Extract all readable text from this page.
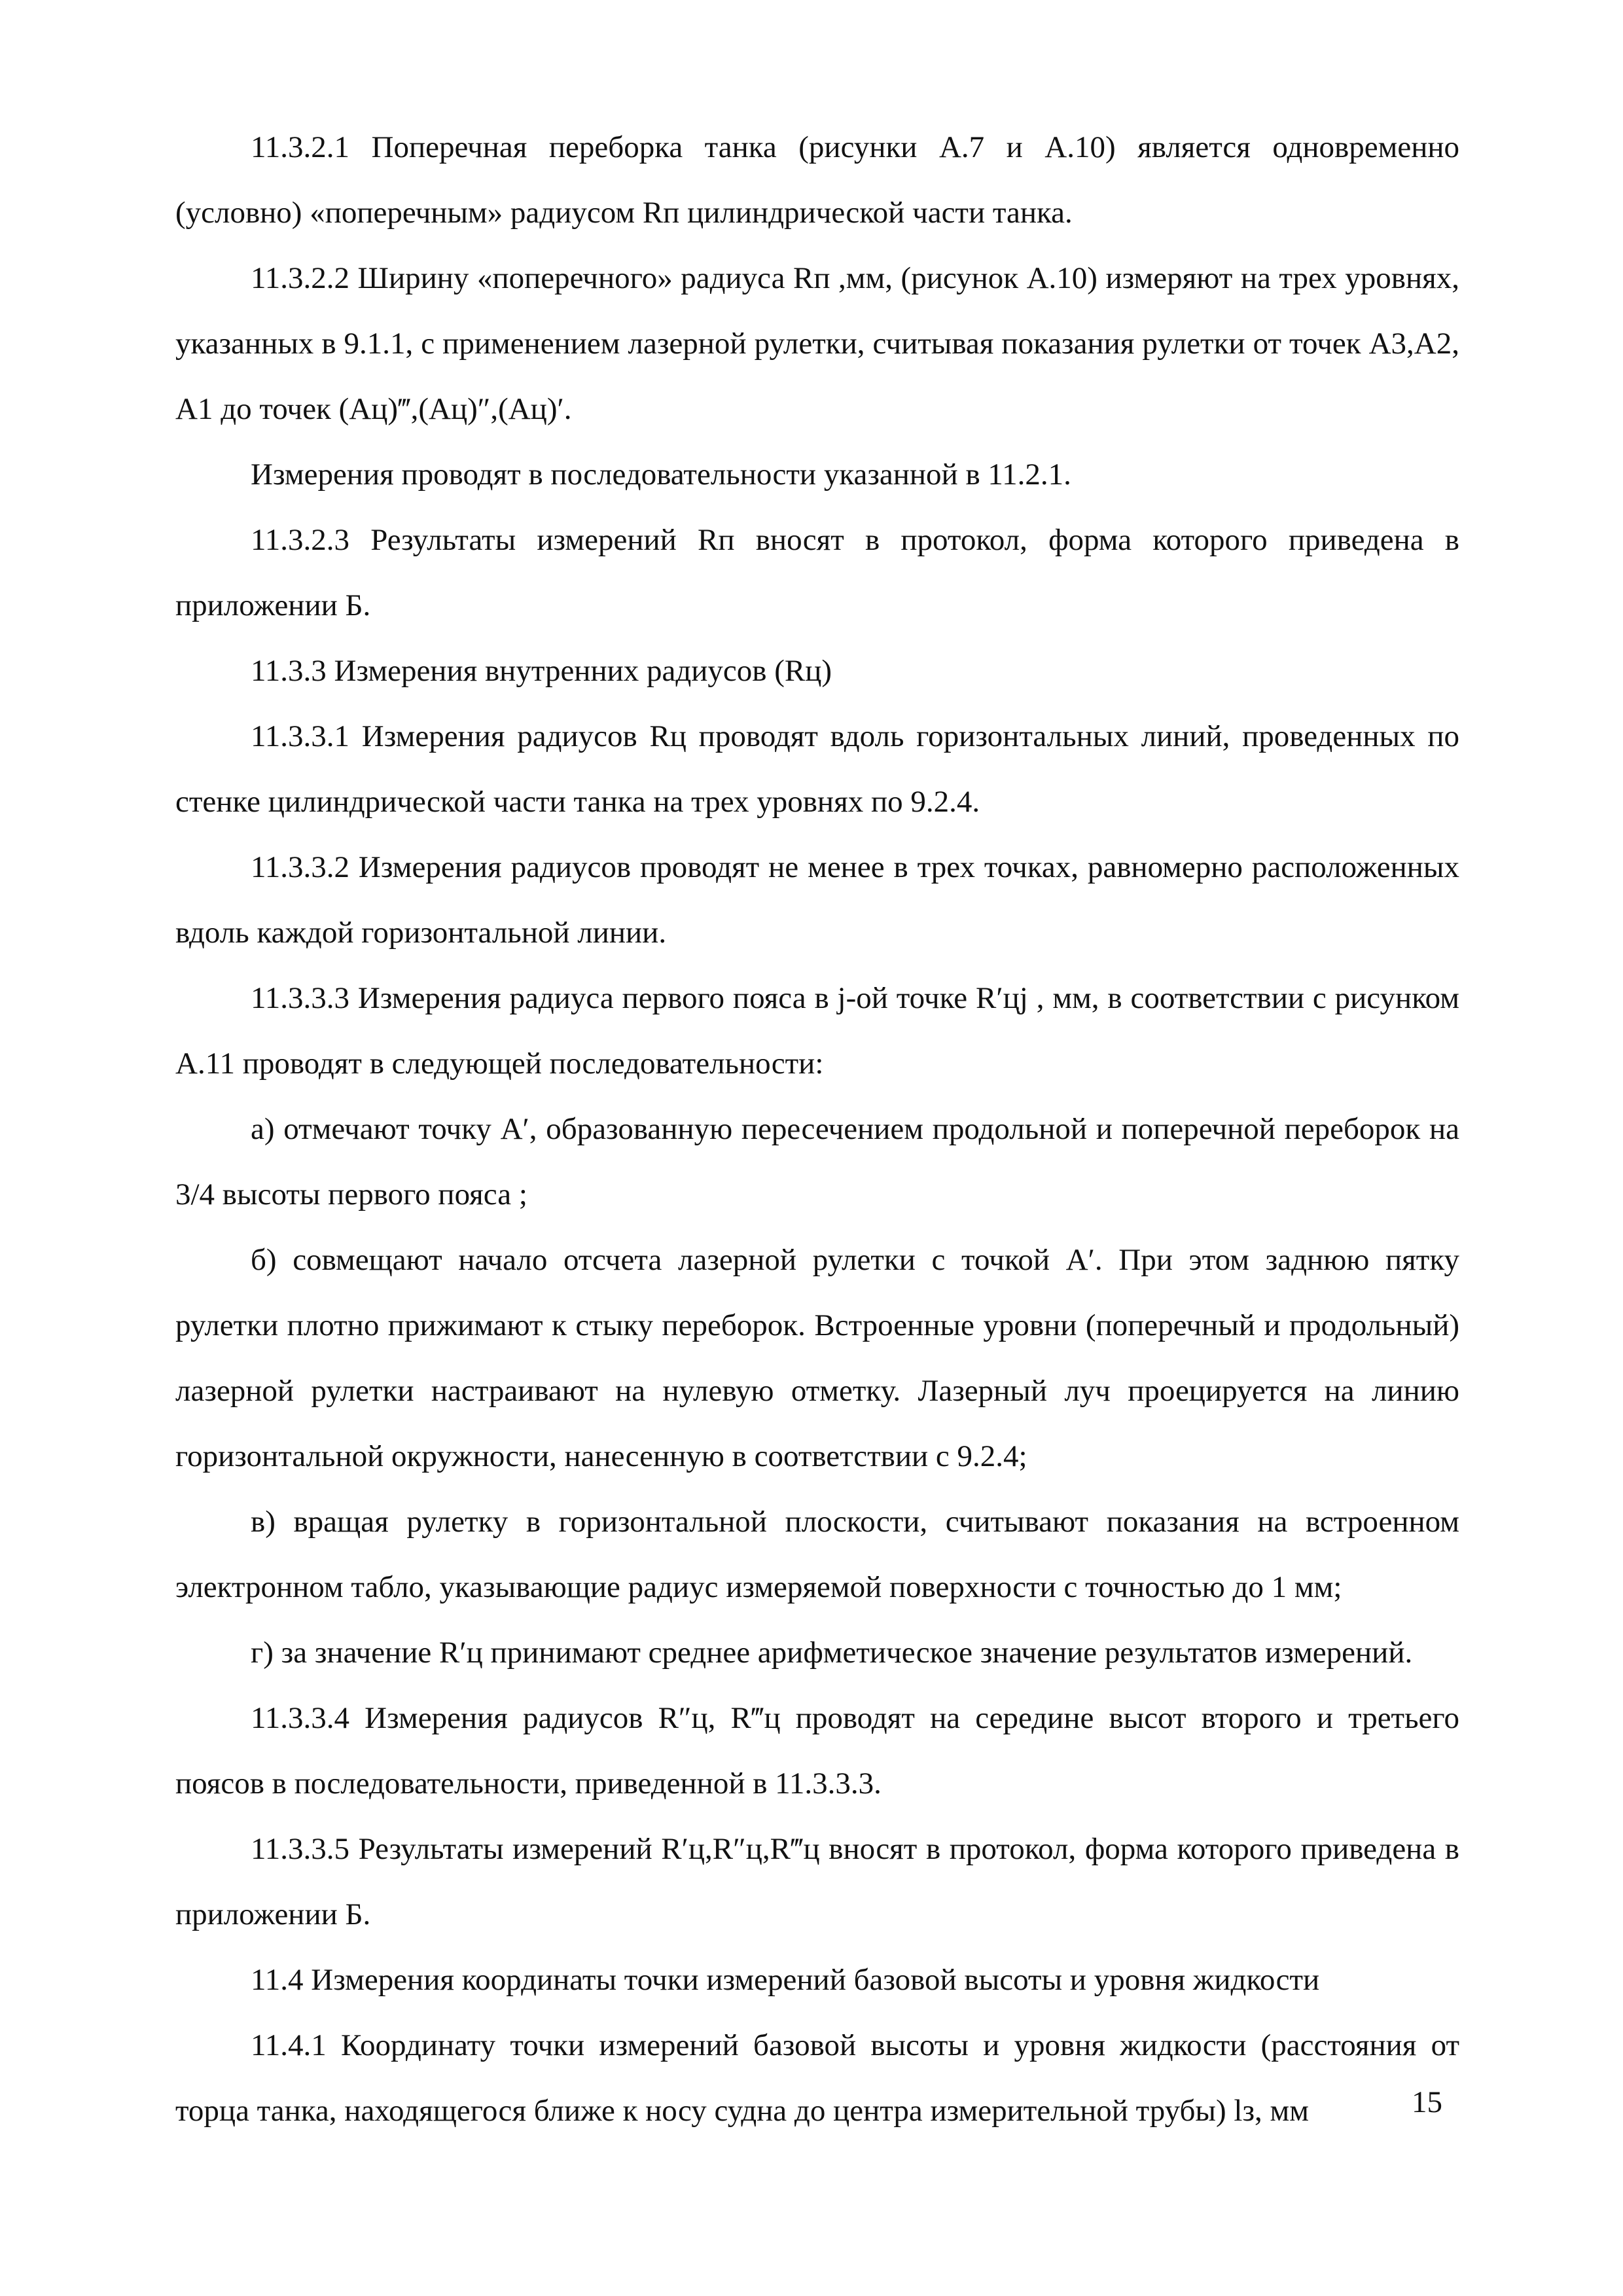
11.3.2.1 Поперечная переборка танка (рисунки А.7 и А.10) является одновременно (условно) «поперечным» радиусом Rп цилиндрической части танка.

11.3.2.2 Ширину «поперечного» радиуса Rп ,мм, (рисунок А.10) измеряют на трех уровнях, указанных в 9.1.1, с применением лазерной рулетки, считывая показания рулетки от точек A3,A2, A1 до точек (Aц)‴,(Aц)″,(Aц)′.

Измерения проводят в последовательности указанной в 11.2.1.

11.3.2.3 Результаты измерений Rп вносят в протокол, форма которого приведена в приложении Б.

11.3.3 Измерения внутренних радиусов (Rц)

11.3.3.1 Измерения радиусов Rц проводят вдоль горизонтальных линий, проведенных по стенке цилиндрической части танка на трех уровнях по 9.2.4.

11.3.3.2 Измерения радиусов проводят не менее в трех точках, равномерно расположенных вдоль каждой горизонтальной линии.

11.3.3.3 Измерения радиуса первого пояса в j-ой точке R′цj , мм, в соответствии с рисунком А.11 проводят в следующей последовательности:

а) отмечают точку A′, образованную пересечением продольной и поперечной переборок на 3/4 высоты первого пояса ;

б) совмещают начало отсчета лазерной рулетки с точкой A′. При этом заднюю пятку рулетки плотно прижимают к стыку переборок. Встроенные уровни (поперечный и продольный) лазерной рулетки настраивают на нулевую отметку. Лазерный луч проецируется на линию горизонтальной окружности, нанесенную в соответствии с 9.2.4;

в) вращая рулетку в горизонтальной плоскости, считывают показания на встроенном электронном табло, указывающие радиус измеряемой поверхности с точностью до 1 мм;

г) за значение R′ц принимают среднее арифметическое значение результатов измерений.

11.3.3.4 Измерения радиусов R″ц, R‴ц проводят на середине высот второго и третьего поясов в последовательности, приведенной в 11.3.3.3.

11.3.3.5 Результаты измерений R′ц,R″ц,R‴ц вносят в протокол, форма которого приведена в приложении Б.

11.4 Измерения координаты точки измерений базовой высоты и уровня жидкости

11.4.1 Координату точки измерений базовой высоты и уровня жидкости (расстояния от торца танка, находящегося ближе к носу судна до центра измерительной трубы) lз, мм	15
